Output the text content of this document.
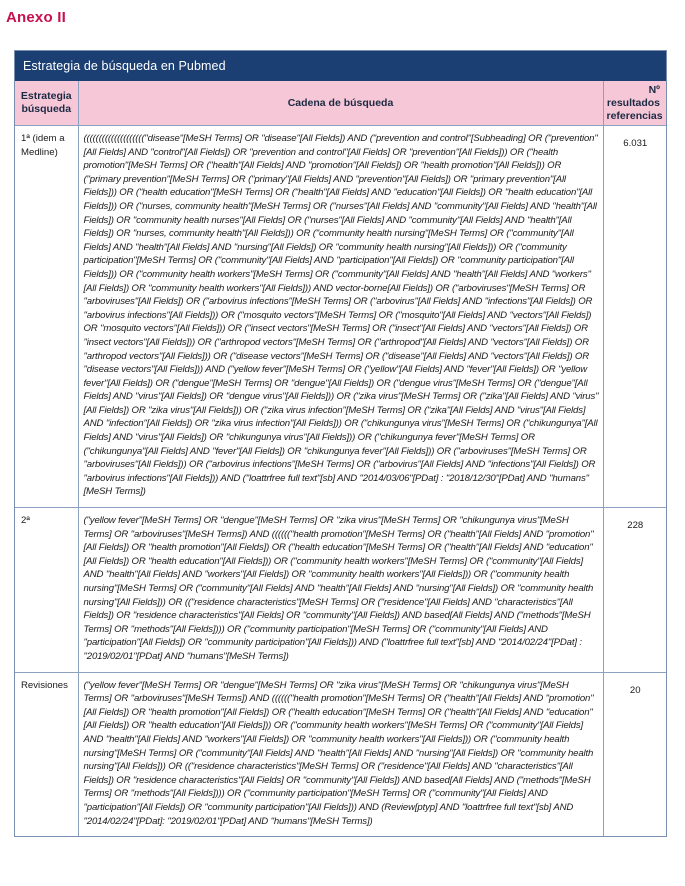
Anexo II
Estrategia de búsqueda en Pubmed
Estrategia búsqueda	Cadena de búsqueda	Nº resultados referencias
1ª (idem a Medline)	(((((((((((((((((((("disease"[MeSH Terms] OR "disease"[All Fields]) AND ("prevention and control"[Subheading] OR ("prevention"[All Fields] AND "control"[All Fields]) OR "prevention and control"[All Fields] OR "prevention"[All Fields])) OR ("health promotion"[MeSH Terms] OR ("health"[All Fields] AND "promotion"[All Fields]) OR "health promotion"[All Fields])) OR ("primary prevention"[MeSH Terms] OR ("primary"[All Fields] AND "prevention"[All Fields]) OR "primary prevention"[All Fields])) OR ("health education"[MeSH Terms] OR ("health"[All Fields] AND "education"[All Fields]) OR "health education"[All Fields])) OR ("nurses, community health"[MeSH Terms] OR ("nurses"[All Fields] AND "community"[All Fields] AND "health"[All Fields]) OR "community health nurses"[All Fields] OR ("nurses"[All Fields] AND "community"[All Fields] AND "health"[All Fields]) OR "nurses, community health"[All Fields])) OR ("community health nursing"[MeSH Terms] OR ("community"[All Fields] AND "health"[All Fields] AND "nursing"[All Fields]) OR "community health nursing"[All Fields])) OR ("community participation"[MeSH Terms] OR ("community"[All Fields] AND "participation"[All Fields]) OR "community participation"[All Fields])) OR ("community health workers"[MeSH Terms] OR ("community"[All Fields] AND "health"[All Fields] AND "workers"[All Fields]) OR "community health workers"[All Fields])) AND vector-borne[All Fields]) OR ("arboviruses"[MeSH Terms] OR "arboviruses"[All Fields]) OR ("arbovirus infections"[MeSH Terms] OR ("arbovirus"[All Fields] AND "infections"[All Fields]) OR "arbovirus infections"[All Fields])) OR ("mosquito vectors"[MeSH Terms] OR ("mosquito"[All Fields] AND "vectors"[All Fields]) OR "mosquito vectors"[All Fields])) OR ("insect vectors"[MeSH Terms] OR ("insect"[All Fields] AND "vectors"[All Fields]) OR "insect vectors"[All Fields])) OR ("arthropod vectors"[MeSH Terms] OR ("arthropod"[All Fields] AND "vectors"[All Fields]) OR "arthropod vectors"[All Fields])) OR ("disease vectors"[MeSH Terms] OR ("disease"[All Fields] AND "vectors"[All Fields]) OR "disease vectors"[All Fields])) AND ("yellow fever"[MeSH Terms] OR ("yellow"[All Fields] AND "fever"[All Fields]) OR "yellow fever"[All Fields]) OR ("dengue"[MeSH Terms] OR "dengue"[All Fields]) OR ("dengue virus"[MeSH Terms] OR ("dengue"[All Fields] AND "virus"[All Fields]) OR "dengue virus"[All Fields])) OR ("zika virus"[MeSH Terms] OR ("zika"[All Fields] AND "virus"[All Fields]) OR "zika virus"[All Fields])) OR ("zika virus infection"[MeSH Terms] OR ("zika"[All Fields] AND "virus"[All Fields] AND "infection"[All Fields]) OR "zika virus infection"[All Fields])) OR ("chikungunya virus"[MeSH Terms] OR ("chikungunya"[All Fields] AND "virus"[All Fields]) OR "chikungunya virus"[All Fields])) OR ("chikungunya fever"[MeSH Terms] OR ("chikungunya"[All Fields] AND "fever"[All Fields]) OR "chikungunya fever"[All Fields])) OR ("arboviruses"[MeSH Terms] OR "arboviruses"[All Fields])) OR ("arbovirus infections"[MeSH Terms] OR ("arbovirus"[All Fields] AND "infections"[All Fields]) OR "arbovirus infections"[All Fields])) AND ("loattrfree full text"[sb] AND "2014/03/06"[PDat] : "2018/12/30"[PDat] AND "humans"[MeSH Terms])	6.031
2ª	("yellow fever"[MeSH Terms] OR "dengue"[MeSH Terms] OR "zika virus"[MeSH Terms] OR "chikungunya virus"[MeSH Terms] OR "arboviruses"[MeSH Terms]) AND (((((("health promotion"[MeSH Terms] OR ("health"[All Fields] AND "promotion"[All Fields]) OR "health promotion"[All Fields]) OR ("health education"[MeSH Terms] OR ("health"[All Fields] AND "education"[All Fields]) OR "health education"[All Fields])) OR ("community health workers"[MeSH Terms] OR ("community"[All Fields] AND "health"[All Fields] AND "workers"[All Fields]) OR "community health workers"[All Fields])) OR ("community health nursing"[MeSH Terms] OR ("community"[All Fields] AND "health"[All Fields] AND "nursing"[All Fields]) OR "community health nursing"[All Fields])) OR (("residence characteristics"[MeSH Terms] OR ("residence"[All Fields] AND "characteristics"[All Fields]) OR "residence characteristics"[All Fields] OR "community"[All Fields]) AND based[All Fields] AND ("methods"[MeSH Terms] OR "methods"[All Fields]))) OR ("community participation"[MeSH Terms] OR ("community"[All Fields] AND "participation"[All Fields]) OR "community participation"[All Fields])) AND ("loattrfree full text"[sb] AND "2014/02/24"[PDat] : "2019/02/01"[PDat] AND "humans"[MeSH Terms])	228
Revisiones	("yellow fever"[MeSH Terms] OR "dengue"[MeSH Terms] OR "zika virus"[MeSH Terms] OR "chikungunya virus"[MeSH Terms] OR "arboviruses"[MeSH Terms]) AND (((((("health promotion"[MeSH Terms] OR ("health"[All Fields] AND "promotion"[All Fields]) OR "health promotion"[All Fields]) OR ("health education"[MeSH Terms] OR ("health"[All Fields] AND "education"[All Fields]) OR "health education"[All Fields])) OR ("community health workers"[MeSH Terms] OR ("community"[All Fields] AND "health"[All Fields] AND "workers"[All Fields]) OR "community health workers"[All Fields])) OR ("community health nursing"[MeSH Terms] OR ("community"[All Fields] AND "health"[All Fields] AND "nursing"[All Fields]) OR "community health nursing"[All Fields])) OR (("residence characteristics"[MeSH Terms] OR ("residence"[All Fields] AND "characteristics"[All Fields]) OR "residence characteristics"[All Fields] OR "community"[All Fields]) AND based[All Fields] AND ("methods"[MeSH Terms] OR "methods"[All Fields]))) OR ("community participation"[MeSH Terms] OR ("community"[All Fields] AND "participation"[All Fields]) OR "community participation"[All Fields])) AND (Review[ptyp] AND "loattrfree full text"[sb] AND "2014/02/24"[PDat]: "2019/02/01"[PDat] AND "humans"[MeSH Terms])	20
